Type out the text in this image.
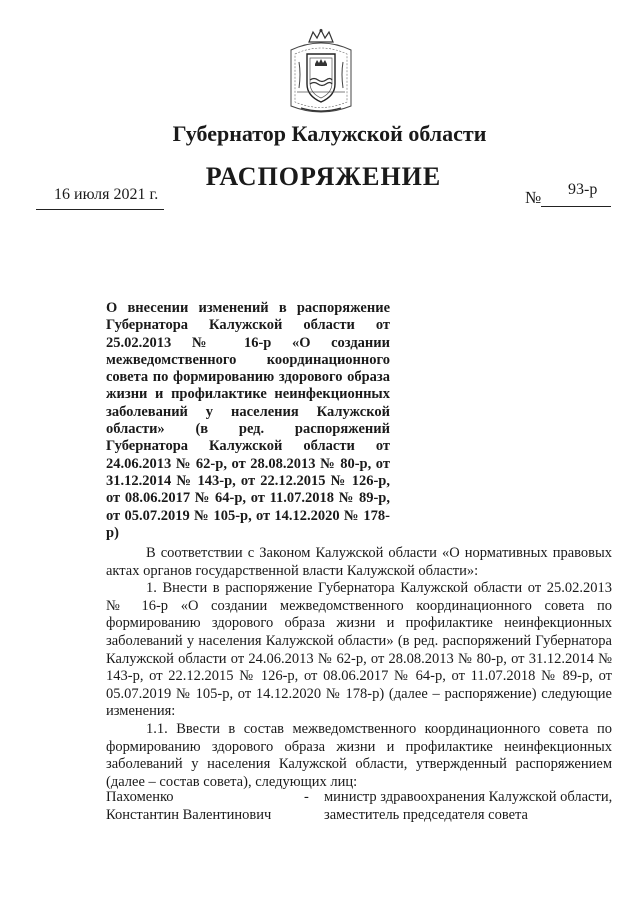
Губернатор Калужской области
РАСПОРЯЖЕНИЕ
16 июля 2021 г.	№ 93-р
О внесении изменений в распоряжение Губернатора Калужской области от 25.02.2013 № 16-р «О создании межведомственного координационного совета по формированию здорового образа жизни и профилактике неинфекционных заболеваний у населения Калужской области» (в ред. распоряжений Губернатора Калужской области от 24.06.2013 № 62-р, от 28.08.2013 № 80-р, от 31.12.2014 № 143-р, от 22.12.2015 № 126-р, от 08.06.2017 № 64-р, от 11.07.2018 № 89-р, от 05.07.2019 № 105-р, от 14.12.2020 № 178-р)

В соответствии с Законом Калужской области «О нормативных правовых актах органов государственной власти Калужской области»:

1. Внести в распоряжение Губернатора Калужской области от 25.02.2013 № 16-р «О создании межведомственного координационного совета по формированию здорового образа жизни и профилактике неинфекционных заболеваний у населения Калужской области» (в ред. распоряжений Губернатора Калужской области от 24.06.2013 № 62-р, от 28.08.2013 № 80-р, от 31.12.2014 № 143-р, от 22.12.2015 № 126-р, от 08.06.2017 № 64-р, от 11.07.2018 № 89-р, от 05.07.2019 № 105-р, от 14.12.2020 № 178-р) (далее – распоряжение) следующие изменения:

1.1. Ввести в состав межведомственного координационного совета по формированию здорового образа жизни и профилактике неинфекционных заболеваний у населения Калужской области, утвержденный распоряжением (далее – состав совета), следующих лиц:

Пахоменко
Константин Валентинович
- министр здравоохранения Калужской области, заместитель председателя совета
